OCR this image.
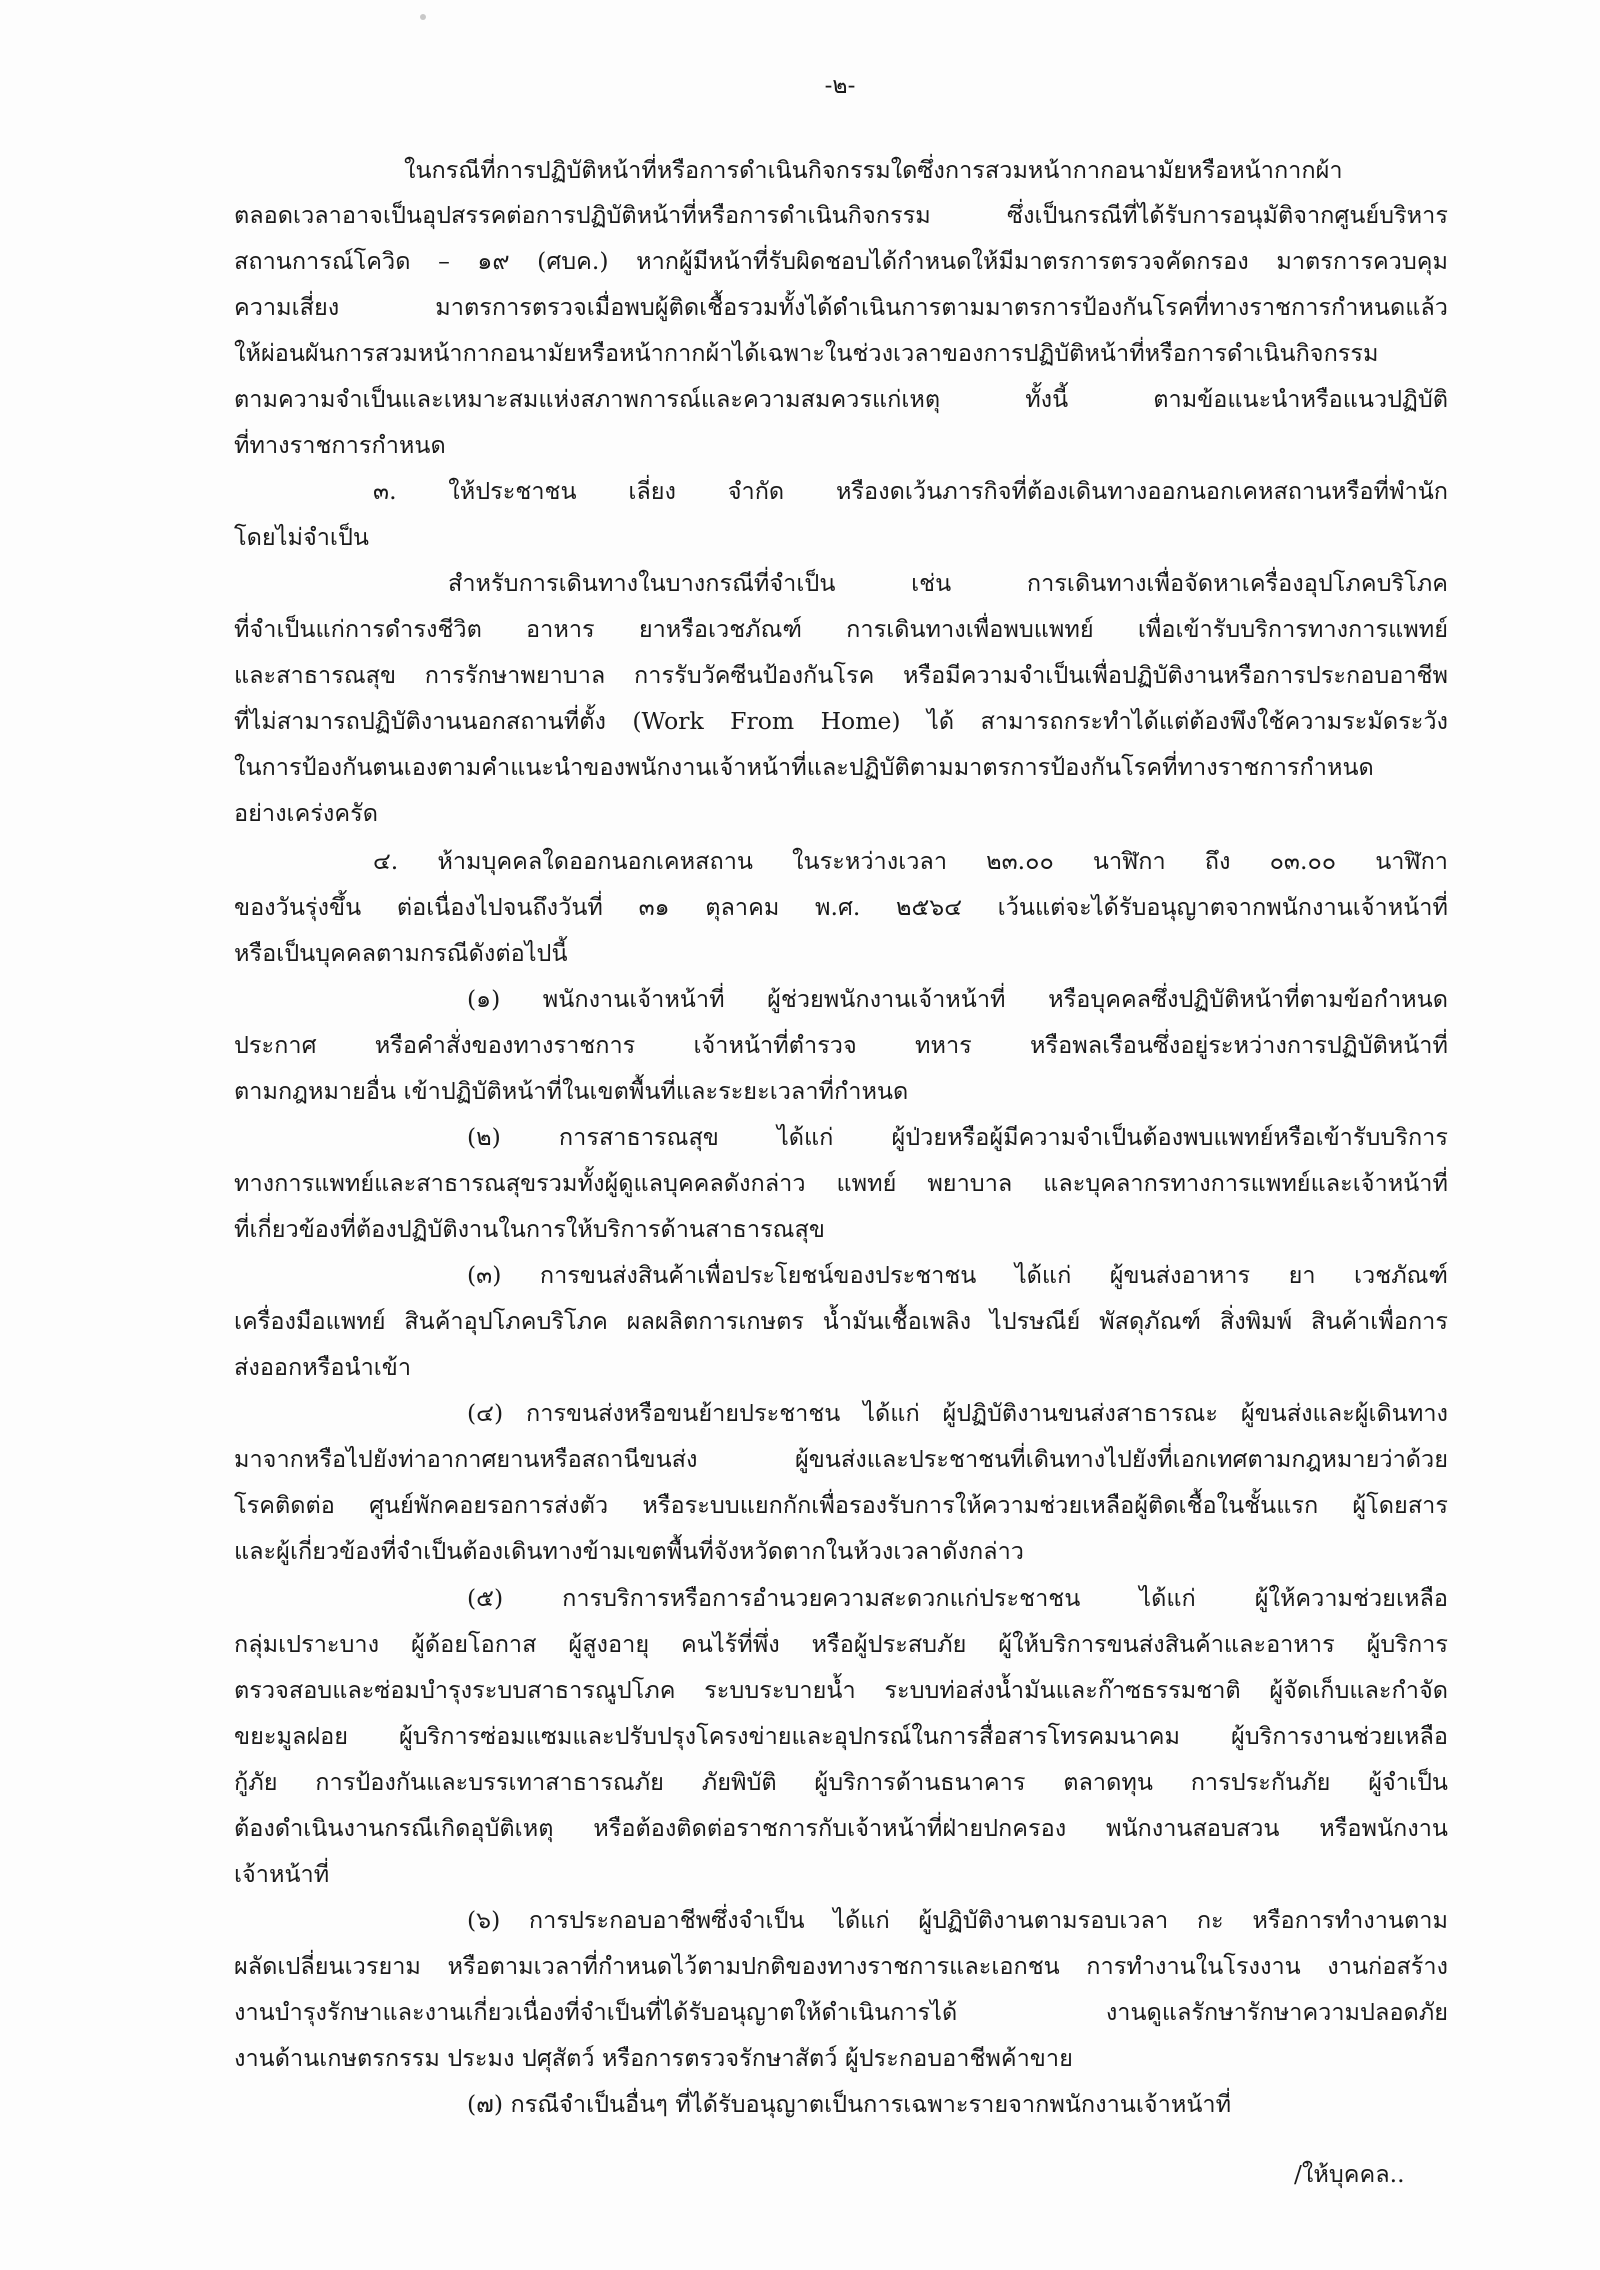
-๒-
ในกรณีที่การปฏิบัติหน้าที่หรือการดำเนินกิจกรรมใดซึ่งการสวมหน้ากากอนามัยหรือหน้ากากผ้า
ตลอดเวลาอาจเป็นอุปสรรคต่อการปฏิบัติหน้าที่หรือการดำเนินกิจกรรม ซึ่งเป็นกรณีที่ได้รับการอนุมัติจากศูนย์บริหาร
สถานการณ์โควิด – ๑๙ (ศบค.) หากผู้มีหน้าที่รับผิดชอบได้กำหนดให้มีมาตรการตรวจคัดกรอง มาตรการควบคุม
ความเสี่ยง มาตรการตรวจเมื่อพบผู้ติดเชื้อรวมทั้งได้ดำเนินการตามมาตรการป้องกันโรคที่ทางราชการกำหนดแล้ว
ให้ผ่อนผันการสวมหน้ากากอนามัยหรือหน้ากากผ้าได้เฉพาะในช่วงเวลาของการปฏิบัติหน้าที่หรือการดำเนินกิจกรรม
ตามความจำเป็นและเหมาะสมแห่งสภาพการณ์และความสมควรแก่เหตุ ทั้งนี้ ตามข้อแนะนำหรือแนวปฏิบัติ
ที่ทางราชการกำหนด
๓. ให้ประชาชน เลี่ยง จำกัด หรืองดเว้นภารกิจที่ต้องเดินทางออกนอกเคหสถานหรือที่พำนัก
โดยไม่จำเป็น
สำหรับการเดินทางในบางกรณีที่จำเป็น เช่น การเดินทางเพื่อจัดหาเครื่องอุปโภคบริโภค
ที่จำเป็นแก่การดำรงชีวิต อาหาร ยาหรือเวชภัณฑ์ การเดินทางเพื่อพบแพทย์ เพื่อเข้ารับบริการทางการแพทย์
และสาธารณสุข การรักษาพยาบาล การรับวัคซีนป้องกันโรค หรือมีความจำเป็นเพื่อปฏิบัติงานหรือการประกอบอาชีพ
ที่ไม่สามารถปฏิบัติงานนอกสถานที่ตั้ง (Work From Home) ได้ สามารถกระทำได้แต่ต้องพึงใช้ความระมัดระวัง
ในการป้องกันตนเองตามคำแนะนำของพนักงานเจ้าหน้าที่และปฏิบัติตามมาตรการป้องกันโรคที่ทางราชการกำหนด
อย่างเคร่งครัด
๔. ห้ามบุคคลใดออกนอกเคหสถาน ในระหว่างเวลา ๒๓.๐๐ นาฬิกา ถึง ๐๓.๐๐ นาฬิกา
ของวันรุ่งขึ้น ต่อเนื่องไปจนถึงวันที่ ๓๑ ตุลาคม พ.ศ. ๒๕๖๔ เว้นแต่จะได้รับอนุญาตจากพนักงานเจ้าหน้าที่
หรือเป็นบุคคลตามกรณีดังต่อไปนี้
(๑) พนักงานเจ้าหน้าที่ ผู้ช่วยพนักงานเจ้าหน้าที่ หรือบุคคลซึ่งปฏิบัติหน้าที่ตามข้อกำหนด
ประกาศ หรือคำสั่งของทางราชการ เจ้าหน้าที่ตำรวจ ทหาร หรือพลเรือนซึ่งอยู่ระหว่างการปฏิบัติหน้าที่
ตามกฎหมายอื่น เข้าปฏิบัติหน้าที่ในเขตพื้นที่และระยะเวลาที่กำหนด
(๒) การสาธารณสุข ได้แก่ ผู้ป่วยหรือผู้มีความจำเป็นต้องพบแพทย์หรือเข้ารับบริการ
ทางการแพทย์และสาธารณสุขรวมทั้งผู้ดูแลบุคคลดังกล่าว แพทย์ พยาบาล และบุคลากรทางการแพทย์และเจ้าหน้าที่
ที่เกี่ยวข้องที่ต้องปฏิบัติงานในการให้บริการด้านสาธารณสุข
(๓) การขนส่งสินค้าเพื่อประโยชน์ของประชาชน ได้แก่ ผู้ขนส่งอาหาร ยา เวชภัณฑ์
เครื่องมือแพทย์ สินค้าอุปโภคบริโภค ผลผลิตการเกษตร น้ำมันเชื้อเพลิง ไปรษณีย์ พัสดุภัณฑ์ สิ่งพิมพ์ สินค้าเพื่อการ
ส่งออกหรือนำเข้า
(๔) การขนส่งหรือขนย้ายประชาชน ได้แก่ ผู้ปฏิบัติงานขนส่งสาธารณะ ผู้ขนส่งและผู้เดินทาง
มาจากหรือไปยังท่าอากาศยานหรือสถานีขนส่ง ผู้ขนส่งและประชาชนที่เดินทางไปยังที่เอกเทศตามกฎหมายว่าด้วย
โรคติดต่อ ศูนย์พักคอยรอการส่งตัว หรือระบบแยกกักเพื่อรองรับการให้ความช่วยเหลือผู้ติดเชื้อในชั้นแรก ผู้โดยสาร
และผู้เกี่ยวข้องที่จำเป็นต้องเดินทางข้ามเขตพื้นที่จังหวัดตากในห้วงเวลาดังกล่าว
(๕) การบริการหรือการอำนวยความสะดวกแก่ประชาชน ได้แก่ ผู้ให้ความช่วยเหลือ
กลุ่มเปราะบาง ผู้ด้อยโอกาส ผู้สูงอายุ คนไร้ที่พึ่ง หรือผู้ประสบภัย ผู้ให้บริการขนส่งสินค้าและอาหาร ผู้บริการ
ตรวจสอบและซ่อมบำรุงระบบสาธารณูปโภค ระบบระบายน้ำ ระบบท่อส่งน้ำมันและก๊าซธรรมชาติ ผู้จัดเก็บและกำจัด
ขยะมูลฝอย ผู้บริการซ่อมแซมและปรับปรุงโครงข่ายและอุปกรณ์ในการสื่อสารโทรคมนาคม ผู้บริการงานช่วยเหลือ
กู้ภัย การป้องกันและบรรเทาสาธารณภัย ภัยพิบัติ ผู้บริการด้านธนาคาร ตลาดทุน การประกันภัย ผู้จำเป็น
ต้องดำเนินงานกรณีเกิดอุบัติเหตุ หรือต้องติดต่อราชการกับเจ้าหน้าที่ฝ่ายปกครอง พนักงานสอบสวน หรือพนักงาน
เจ้าหน้าที่
(๖) การประกอบอาชีพซึ่งจำเป็น ได้แก่ ผู้ปฏิบัติงานตามรอบเวลา กะ หรือการทำงานตาม
ผลัดเปลี่ยนเวรยาม หรือตามเวลาที่กำหนดไว้ตามปกติของทางราชการและเอกชน การทำงานในโรงงาน งานก่อสร้าง
งานบำรุงรักษาและงานเกี่ยวเนื่องที่จำเป็นที่ได้รับอนุญาตให้ดำเนินการได้ งานดูแลรักษารักษาความปลอดภัย
งานด้านเกษตรกรรม ประมง ปศุสัตว์ หรือการตรวจรักษาสัตว์ ผู้ประกอบอาชีพค้าขาย
(๗) กรณีจำเป็นอื่นๆ ที่ได้รับอนุญาตเป็นการเฉพาะรายจากพนักงานเจ้าหน้าที่
/ให้บุคคล..
